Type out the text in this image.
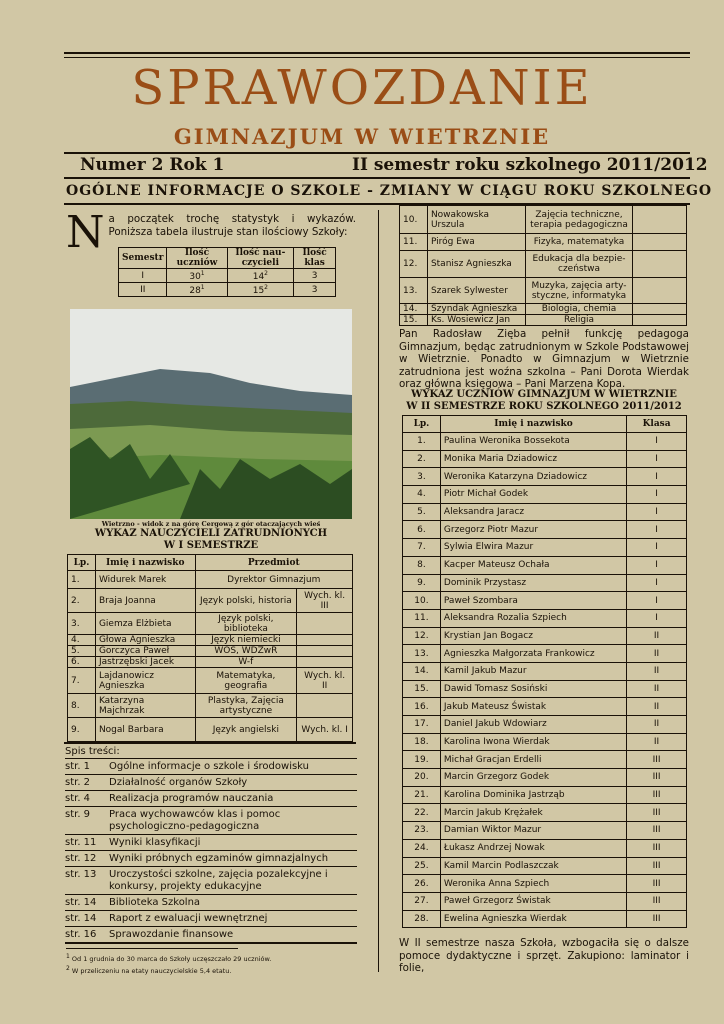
SPRAWOZDANIE
GIMNAZJUM W WIETRZNIE
Numer 2 Rok 1	II semestr roku szkolnego 2011/2012
OGÓLNE INFORMACJE O SZKOLE - ZMIANY W CIĄGU ROKU SZKOLNEGO
N a początek trochę statystyk i wykazów. Poniższa tabela ilustruje stan ilościowy Szkoły:
Semestr	Ilość uczniów	Ilość nau-czycieli	Ilość klas
I	$30^1$	$14^2$	3
II	$28^1$	$15^2$	3
Wietrzno - widok z na górę Cergową z gór otaczających wieś
WYKAZ NAUCZYCIELI ZATRUDNIONYCH
W I SEMESTRZE
Lp.	Imię i nazwisko	Przedmiot	
1.	Widurek Marek	Dyrektor Gimnazjum	
2.	Braja Joanna	Język polski, historia	Wych. kl. III
3.	Giemza Elżbieta	Język polski, biblioteka	
4.	Głowa Agnieszka	Język niemiecki	
5.	Gorczyca Paweł	WOS, WDŻwR	
6.	Jastrzębski Jacek	W-f	
7.	Lajdanowicz Agnieszka	Matematyka, geografia	Wych. kl. II
8.	Katarzyna Majchrzak	Plastyka, Zajęcia artystyczne	
9.	Nogal Barbara	Język angielski	Wych. kl. I
Spis treści:
str. 1	Ogólne informacje o szkole i środowisku
str. 2	Działalność organów Szkoły
str. 4	Realizacja programów nauczania
str. 9	Praca wychowawców klas i pomoc psychologiczno-pedagogiczna
str. 11	Wyniki klasyfikacji
str. 12	Wyniki próbnych egzaminów gimnazjalnych
str. 13	Uroczystości szkolne, zajęcia pozalekcyjne i konkursy, projekty edukacyjne
str. 14	Biblioteka Szkolna
str. 14	Raport z ewaluacji wewnętrznej
str. 16	Sprawozdanie finansowe
$^1$ Od 1 grudnia do 30 marca do Szkoły uczęszczało 29 uczniów.
$^2$ W przeliczeniu na etaty nauczycielskie 5,4 etatu.
10.	Nowakowska Urszula	Zajęcia techniczne, terapia pedagogiczna	
11.	Piróg Ewa	Fizyka, matematyka	
12.	Stanisz Agnieszka	Edukacja dla bezpie-czeństwa	
13.	Szarek Sylwester	Muzyka, zajęcia arty-styczne, informatyka	
14.	Szyndak Agnieszka	Biologia, chemia	
15.	Ks. Wosiewicz Jan	Religia	

Pan Radosław Zięba pełnił funkcję pedagoga Gimnazjum, będąc zatrudnionym w Szkole Podstawowej w Wietrznie. Ponadto w Gimnazjum w Wietrznie zatrudniona jest woźna szkolna – Pani Dorota Wierdak oraz główna księgowa – Pani Marzena Kopa.

WYKAZ UCZNIÓW GIMNAZJUM W WIETRZNIE
W II SEMESTRZE ROKU SZKOLNEGO 2011/2012
Lp.	Imię i nazwisko	Klasa
1.	Paulina Weronika Bossekota	I
2.	Monika Maria Dziadowicz	I
3.	Weronika Katarzyna Dziadowicz	I
4.	Piotr Michał Godek	I
5.	Aleksandra Jaracz	I
6.	Grzegorz Piotr Mazur	I
7.	Sylwia Elwira Mazur	I
8.	Kacper Mateusz Ochała	I
9.	Dominik Przystasz	I
10.	Paweł Szombara	I
11.	Aleksandra Rozalia Szpiech	I
12.	Krystian Jan Bogacz	II
13.	Agnieszka Małgorzata Frankowicz	II
14.	Kamil Jakub Mazur	II
15.	Dawid Tomasz Sosiński	II
16.	Jakub Mateusz Świstak	II
17.	Daniel Jakub Wdowiarz	II
18.	Karolina Iwona Wierdak	II
19.	Michał Gracjan Erdelli	III
20.	Marcin Grzegorz Godek	III
21.	Karolina Dominika Jastrząb	III
22.	Marcin Jakub Krężałek	III
23.	Damian Wiktor Mazur	III
24.	Łukasz Andrzej Nowak	III
25.	Kamil Marcin Podlaszczak	III
26.	Weronika Anna Szpiech	III
27.	Paweł Grzegorz Świstak	III
28.	Ewelina Agnieszka Wierdak	III

W II semestrze nasza Szkoła, wzbogaciła się o dalsze pomoce dydaktyczne i sprzęt. Zakupiono: laminator i folie,
